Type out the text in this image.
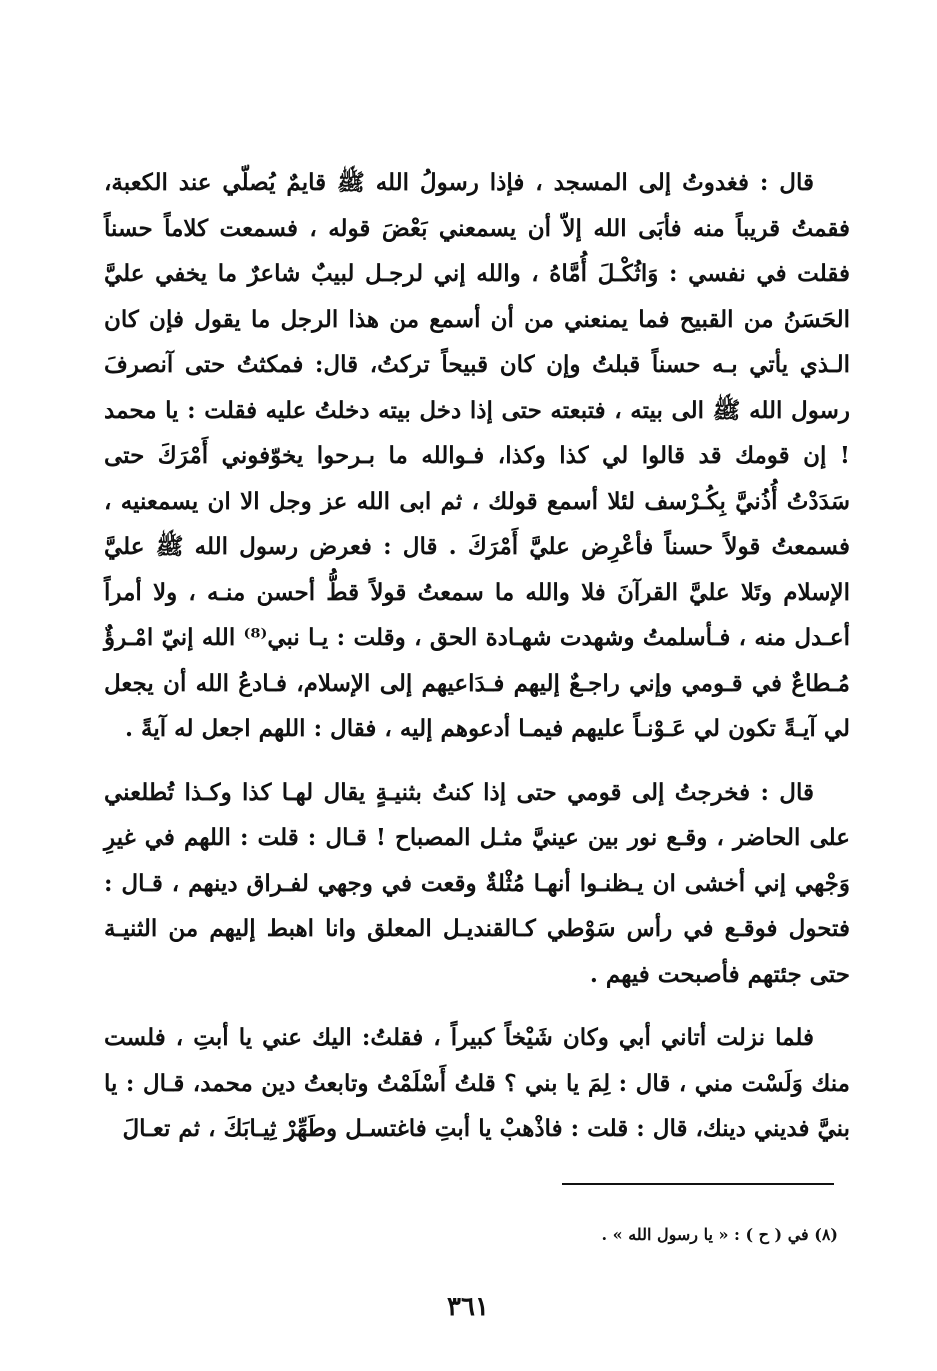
قال : فغدوتُ إلى المسجد ، فإذا رسولُ الله ﷺ قايمٌ يُصلّي عند الكعبة، فقمتُ قريباً منه فأبَى الله إلاّ أن يسمعني بَعْضَ قوله ، فسمعت كلاماً حسناً فقلت في نفسي : وَاثُكْـلَ أُمَّاهُ ، والله إني لرجـل لبيبٌ شاعرٌ ما يخفي عليَّ الحَسَنُ من القبيح فما يمنعني من أن أسمع من هذا الرجل ما يقول فإن كان الـذي يأتي بـه حسناً قبلتُ وإن كان قبيحاً تركتُ، قال: فمكثتُ حتى آنصرفَ رسول الله ﷺ الى بيته ، فتبعته حتى إذا دخل بيته دخلتُ عليه فقلت : يا محمد ! إن قومك قد قالوا لي كذا وكذا، فـوالله ما بـرحوا يخوّفوني أَمْرَكَ حتى سَدَدْتُ أُذُنيَّ بِكُـرْسف لئلا أسمع قولك ، ثم ابى الله عز وجل الا ان يسمعنيه ، فسمعتُ قولاً حسناً فأعْرِض عليَّ أَمْرَكَ . قال : فعرض رسول الله ﷺ عليَّ الإسلام وتَلا عليَّ القرآنَ فلا والله ما سمعتُ قولاً قطُّ أحسن منـه ، ولا أمراً أعـدل منه ، فـأسلمتُ وشهدت شهـادة الحق ، وقلت : يـا نبي⁽⁸⁾ الله إنيّ امْـرؤٌ مُـطاعٌ في قـومي وإني راجـعٌ إليهم فـدَاعيهم إلى الإسلام، فـادعُ الله أن يجعل لي آيـةً تكون لي عَـوْنـاً عليهم فيمـا أدعوهم إليه ، فقال : اللهم اجعل له آيةً .

قال : فخرجتُ إلى قومي حتى إذا كنتُ بثنيـةٍ يقال لهـا كذا وكـذا تُطلعني على الحاضر ، وقـع نور بين عينيَّ مثـل المصباح ! قـال : قلت : اللهم في غيرِ وَجْهي إني أخشى ان يـظنـوا أنهـا مُثْلةٌ وقعت في وجهي لفـراق دينهم ، قـال : فتحول فوقـع في رأس سَوْطي كـالقنديـل المعلق وانا اهبط إليهم من الثنيـة حتى جئتهم فأصبحت فيهم .

فلما نزلت أتاني أبي وكان شَيْخاً كبيراً ، فقلتُ: اليك عني يا أبتِ ، فلست منك وَلَسْت مني ، قال : لِمَ يا بني ؟ قلتُ أَسْلَمْتُ وتابعتُ دين محمد، قـال : يا بنيَّ فديني دينك، قال : قلت : فاذْهبْ يا أبتِ فاغتسـل وطَهِّرْ ثِيـابَكَ ، ثم تعـالَ

(٨) في ( ح ) : « يا رسول الله » .
٣٦١
